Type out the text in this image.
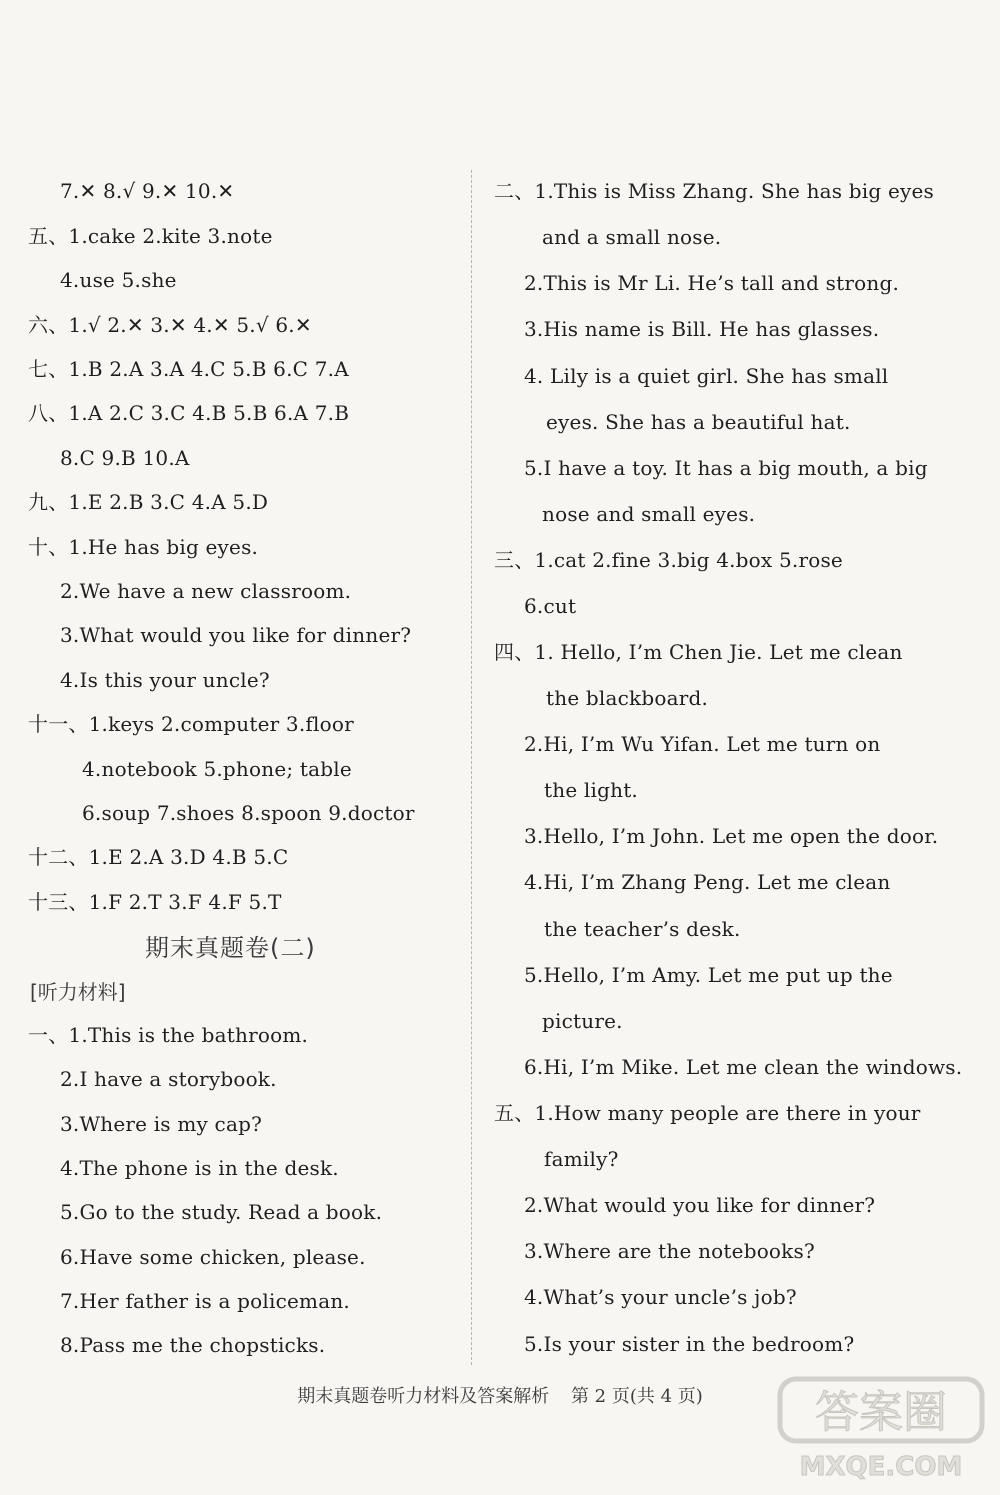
7.✕ 8.√ 9.✕ 10.✕
五、1.cake 2.kite 3.note
4.use 5.she
六、1.√ 2.✕ 3.✕ 4.✕ 5.√ 6.✕
七、1.B 2.A 3.A 4.C 5.B 6.C 7.A
八、1.A 2.C 3.C 4.B 5.B 6.A 7.B
8.C 9.B 10.A
九、1.E 2.B 3.C 4.A 5.D
十、1.He has big eyes.
2.We have a new classroom.
3.What would you like for dinner?
4.Is this your uncle?
十一、1.keys 2.computer 3.floor
4.notebook 5.phone; table
6.soup 7.shoes 8.spoon 9.doctor
十二、1.E 2.A 3.D 4.B 5.C
十三、1.F 2.T 3.F 4.F 5.T
期末真题卷(二)
[听力材料]
一、1.This is the bathroom.
2.I have a storybook.
3.Where is my cap?
4.The phone is in the desk.
5.Go to the study. Read a book.
6.Have some chicken, please.
7.Her father is a policeman.
8.Pass me the chopsticks.
二、1.This is Miss Zhang. She has big eyes
and a small nose.
2.This is Mr Li. He’s tall and strong.
3.His name is Bill. He has glasses.
4. Lily is a quiet girl. She has small
eyes. She has a beautiful hat.
5.I have a toy. It has a big mouth, a big
nose and small eyes.
三、1.cat 2.fine 3.big 4.box 5.rose
6.cut
四、1. Hello, I’m Chen Jie. Let me clean
the blackboard.
2.Hi, I’m Wu Yifan. Let me turn on
the light.
3.Hello, I’m John. Let me open the door.
4.Hi, I’m Zhang Peng. Let me clean
the teacher’s desk.
5.Hello, I’m Amy. Let me put up the
picture.
6.Hi, I’m Mike. Let me clean the windows.
五、1.How many people are there in your
family?
2.What would you like for dinner?
3.Where are the notebooks?
4.What’s your uncle’s job?
5.Is your sister in the bedroom?
期末真题卷听力材料及答案解析 第 2 页(共 4 页)	答案圈
MXQE.COM
